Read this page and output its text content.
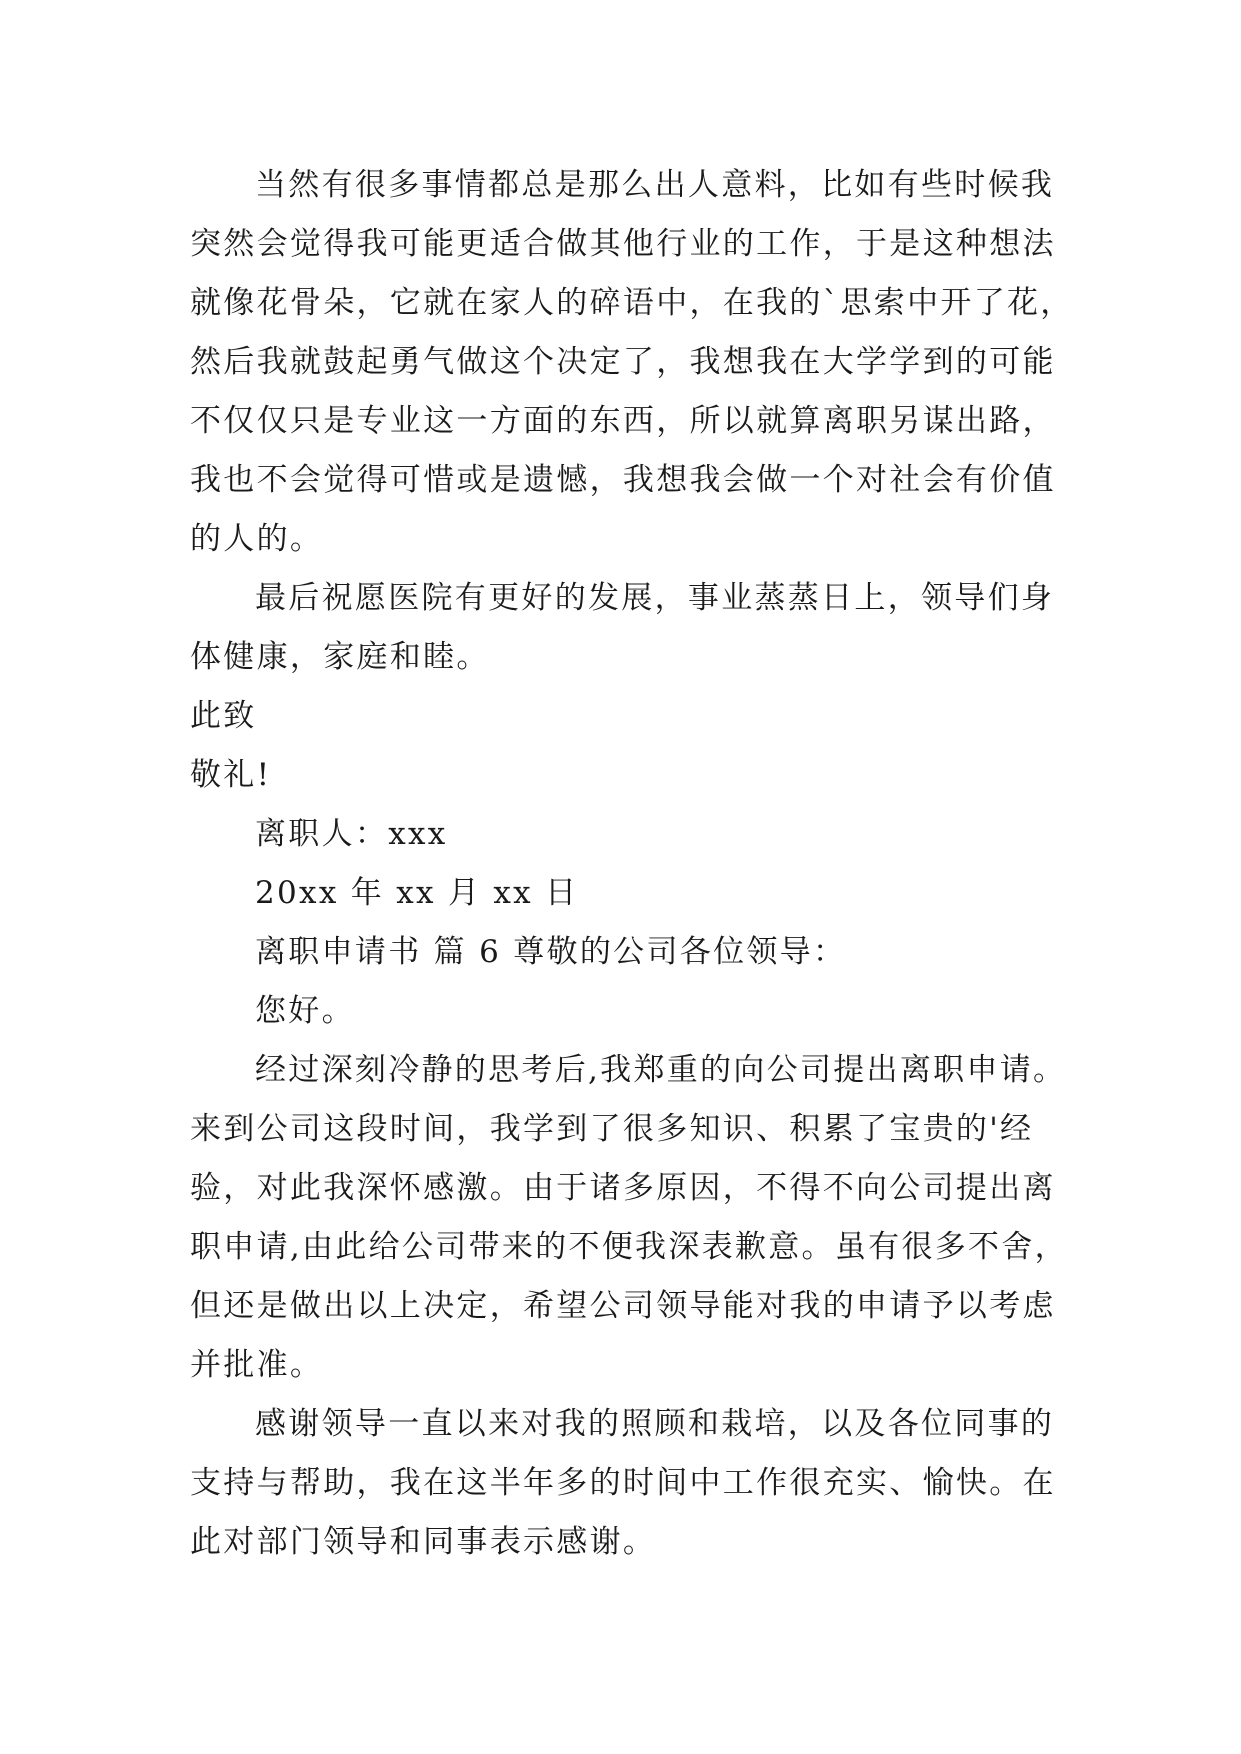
当然有很多事情都总是那么出人意料，比如有些时候我
突然会觉得我可能更适合做其他行业的工作，于是这种想法
就像花骨朵，它就在家人的碎语中，在我的`思索中开了花，
然后我就鼓起勇气做这个决定了，我想我在大学学到的可能
不仅仅只是专业这一方面的东西，所以就算离职另谋出路，
我也不会觉得可惜或是遗憾，我想我会做一个对社会有价值
的人的。
最后祝愿医院有更好的发展，事业蒸蒸日上，领导们身
体健康，家庭和睦。
此致
敬礼!
离职人：xxx
20xx 年 xx 月 xx 日
离职申请书 篇 6 尊敬的公司各位领导：
您好。
经过深刻冷静的思考后,我郑重的向公司提出离职申请。
来到公司这段时间，我学到了很多知识、积累了宝贵的'经
验，对此我深怀感激。由于诸多原因，不得不向公司提出离
职申请,由此给公司带来的不便我深表歉意。虽有很多不舍，
但还是做出以上决定，希望公司领导能对我的申请予以考虑
并批准。
感谢领导一直以来对我的照顾和栽培，以及各位同事的
支持与帮助，我在这半年多的时间中工作很充实、愉快。在
此对部门领导和同事表示感谢。
